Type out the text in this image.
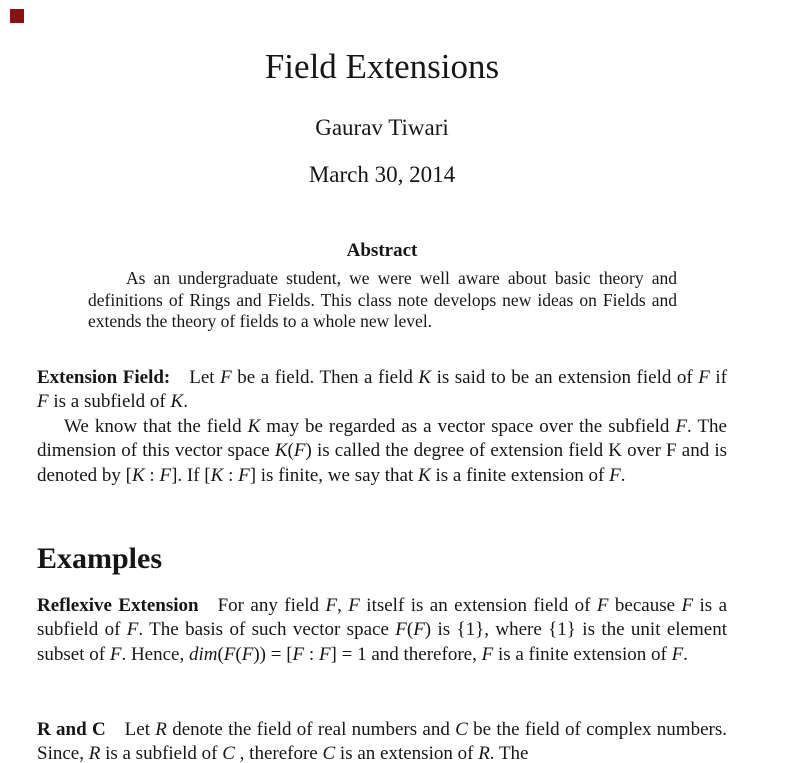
Field Extensions
Gaurav Tiwari
March 30, 2014
Abstract

As an undergraduate student, we were well aware about basic theory and definitions of Rings and Fields. This class note develops new ideas on Fields and extends the theory of fields to a whole new level.

Extension Field: Let F be a field. Then a field K is said to be an extension field of F if F is a subfield of K.

We know that the field K may be regarded as a vector space over the subfield F. The dimension of this vector space K(F) is called the degree of extension field K over F and is denoted by [K : F]. If [K : F] is finite, we say that K is a finite extension of F.

Examples

Reflexive Extension For any field F, F itself is an extension field of F because F is a subfield of F. The basis of such vector space F(F) is {1}, where {1} is the unit element subset of F. Hence, dim(F(F)) = [F : F] = 1 and therefore, F is a finite extension of F.

R and C Let R denote the field of real numbers and C be the field of complex numbers. Since, R is a subfield of C , therefore C is an extension of R. The
